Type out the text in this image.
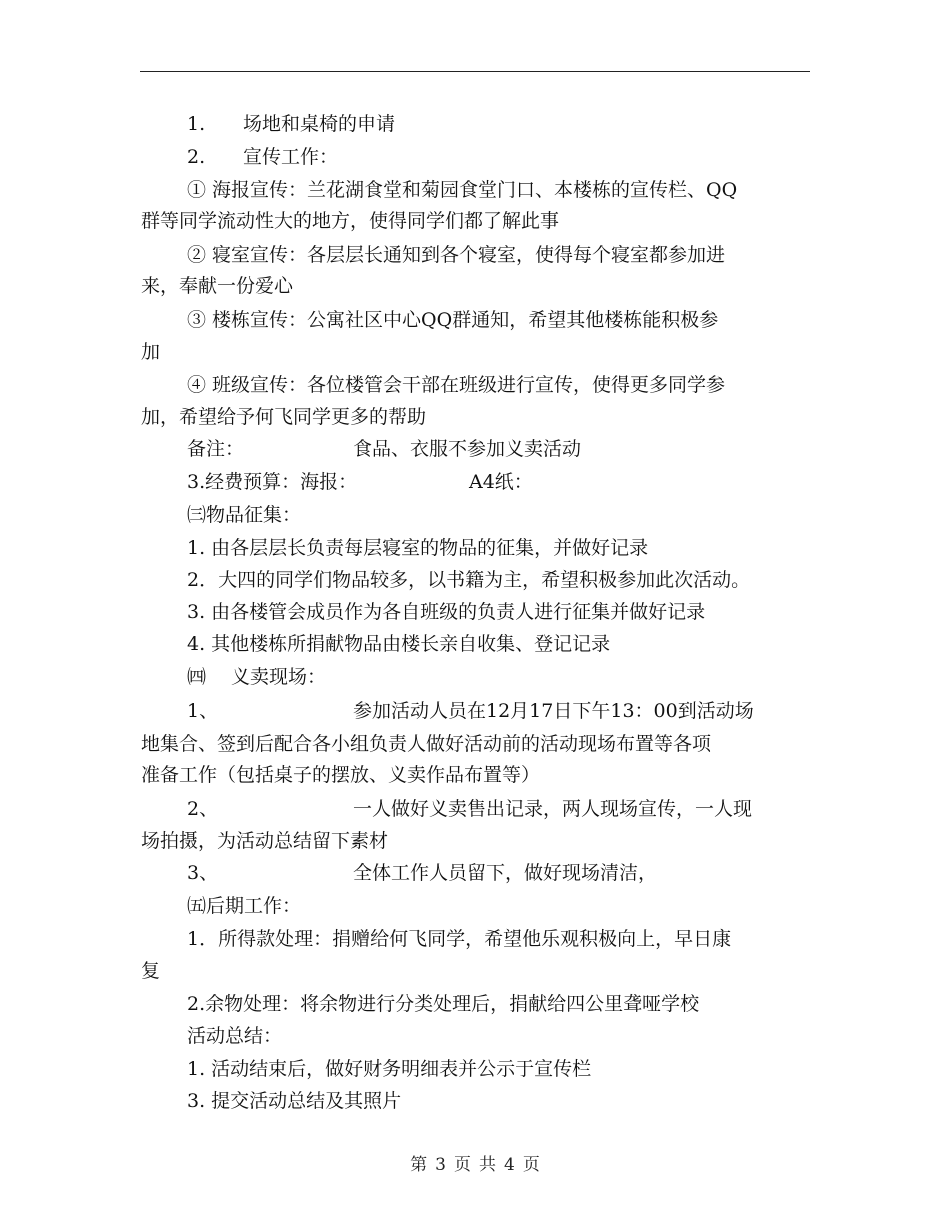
1. 场地和桌椅的申请
2. 宣传工作：
① 海报宣传：兰花湖食堂和菊园食堂门口、本楼栋的宣传栏、QQ
群等同学流动性大的地方，使得同学们都了解此事
② 寝室宣传：各层层长通知到各个寝室，使得每个寝室都参加进
来，奉献一份爱心
③ 楼栋宣传：公寓社区中心QQ群通知，希望其他楼栋能积极参
加
④ 班级宣传：各位楼管会干部在班级进行宣传，使得更多同学参
加，希望给予何飞同学更多的帮助
备注：	食品、衣服不参加义卖活动
3.经费预算：海报：	A4纸：
㈢物品征集：
1. 由各层层长负责每层寝室的物品的征集，并做好记录
2．大四的同学们物品较多，以书籍为主，希望积极参加此次活动。
3. 由各楼管会成员作为各自班级的负责人进行征集并做好记录
4. 其他楼栋所捐献物品由楼长亲自收集、登记记录
㈣ 义卖现场：
1、	参加活动人员在12月17日下午13：00到活动场
地集合、签到后配合各小组负责人做好活动前的活动现场布置等各项
准备工作（包括桌子的摆放、义卖作品布置等）
2、	一人做好义卖售出记录，两人现场宣传，一人现
场拍摄，为活动总结留下素材
3、	全体工作人员留下，做好现场清洁，
㈤后期工作：
1．所得款处理：捐赠给何飞同学，希望他乐观积极向上，早日康
复
2.余物处理：将余物进行分类处理后，捐献给四公里聋哑学校
活动总结：
1. 活动结束后，做好财务明细表并公示于宣传栏
3. 提交活动总结及其照片
第 3 页 共 4 页
